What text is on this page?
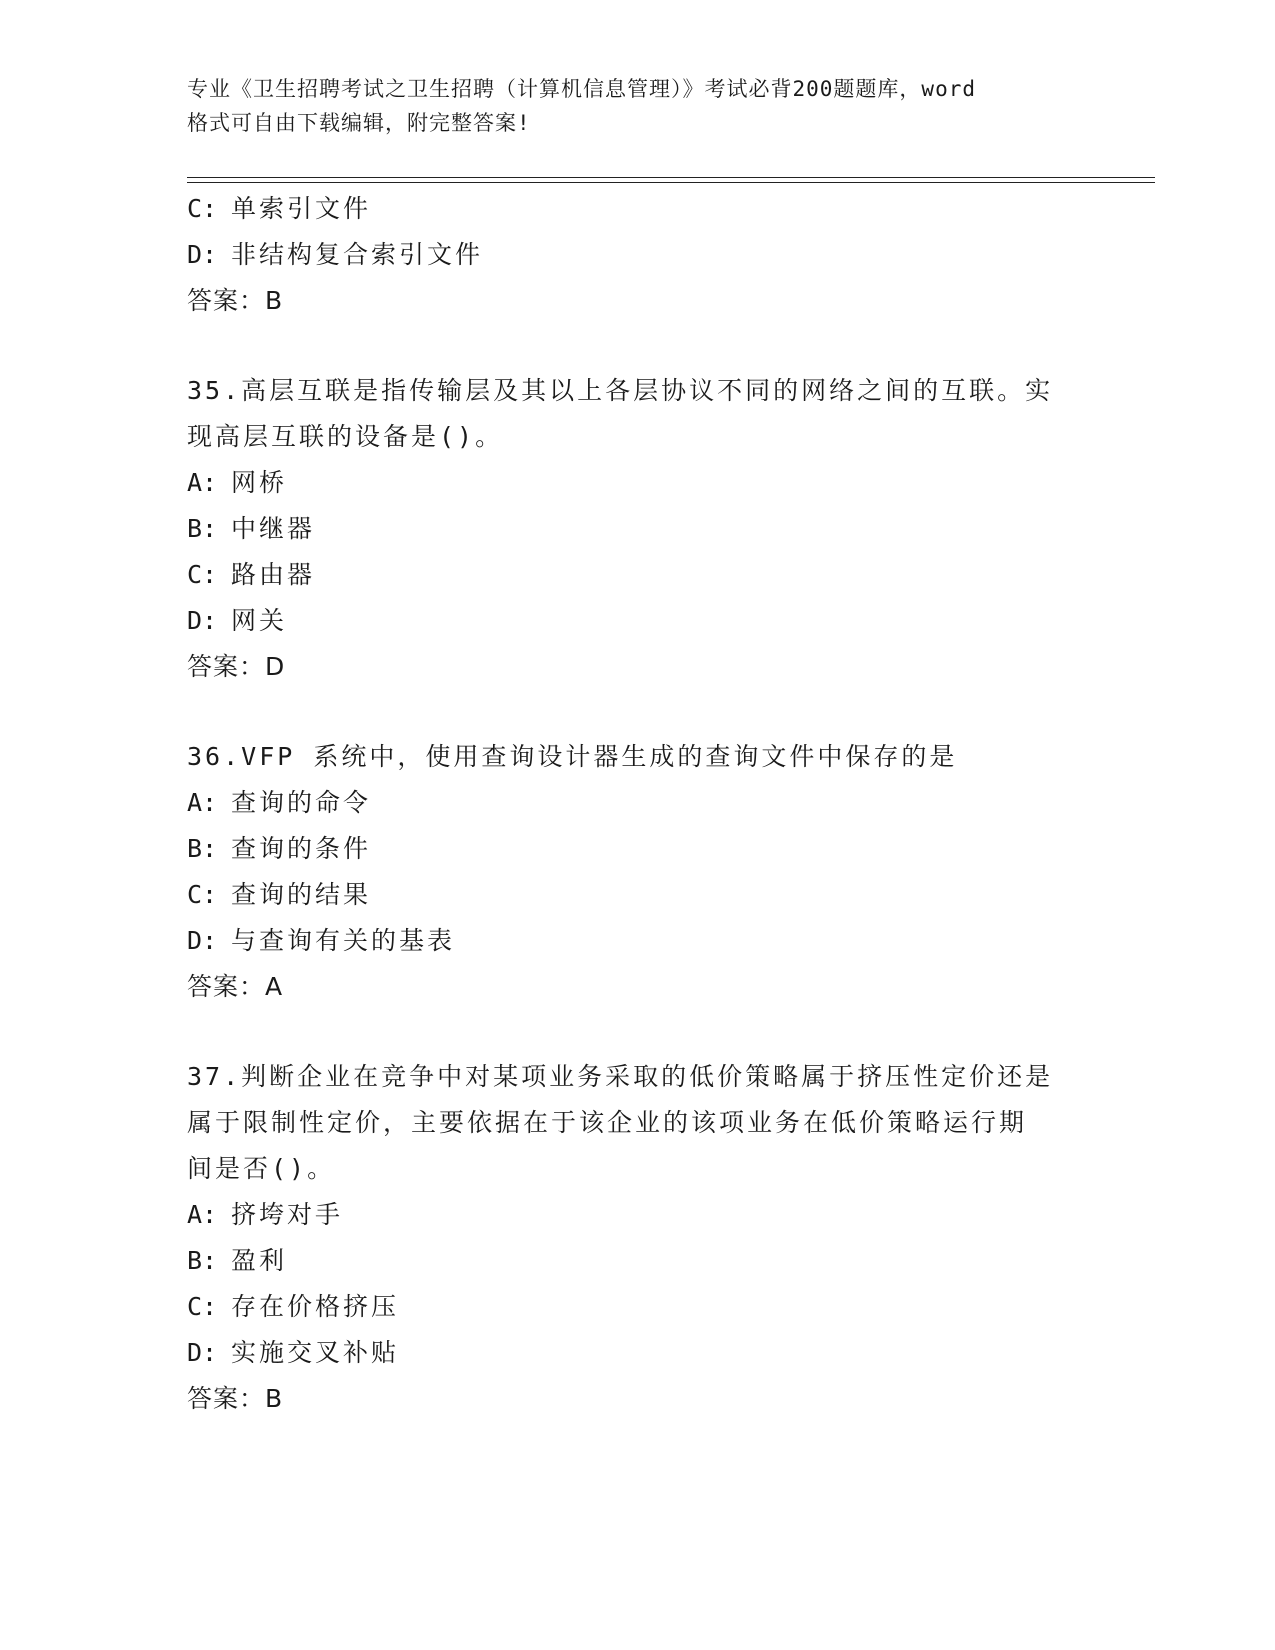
专业《卫生招聘考试之卫生招聘（计算机信息管理）》考试必背200题题库，word
格式可自由下载编辑，附完整答案!
C: 单索引文件
D: 非结构复合索引文件
答案：B
35.高层互联是指传输层及其以上各层协议不同的网络之间的互联。实
现高层互联的设备是()。
A: 网桥
B: 中继器
C: 路由器
D: 网关
答案：D
36.VFP 系统中，使用查询设计器生成的查询文件中保存的是
A: 查询的命令
B: 查询的条件
C: 查询的结果
D: 与查询有关的基表
答案：A
37.判断企业在竞争中对某项业务采取的低价策略属于挤压性定价还是
属于限制性定价，主要依据在于该企业的该项业务在低价策略运行期
间是否()。
A: 挤垮对手
B: 盈利
C: 存在价格挤压
D: 实施交叉补贴
答案：B
